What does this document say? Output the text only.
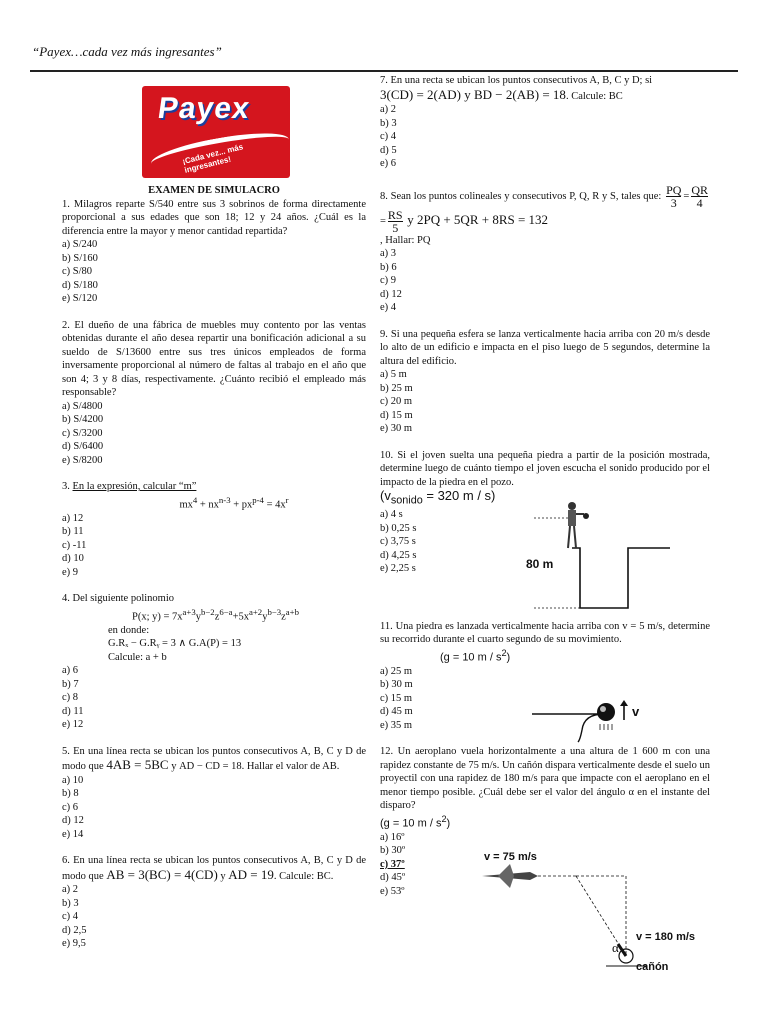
“Payex…cada vez más ingresantes”
Payex
¡Cada vez... más ingresantes!
EXAMEN DE SIMULACRO

1. Milagros reparte S/540 entre sus 3 sobrinos de forma directamente proporcional a sus edades que son 18; 12 y 24 años. ¿Cuál es la diferencia entre la mayor y menor cantidad repartida?

a) S/240
b) S/160
c) S/80
d) S/180
e) S/120

2. El dueño de una fábrica de muebles muy contento por las ventas obtenidas durante el año desea repartir una bonificación adicional a su sueldo de S/13600 entre sus tres únicos empleados de forma inversamente proporcional al número de faltas al trabajo en el año que son 4; 3 y 8 días, respectivamente. ¿Cuánto recibió el empleado más responsable?

a) S/4800
b) S/4200
c) S/3200
d) S/6400
e) S/8200

3. En la expresión, calcular “m”

$mx^4 + nx^{n-3} + px^{p-4} = 4x^r$
a) 12
b) 11
c) -11
d) 10
e) 9

4. Del siguiente polinomio

P(x; $y) = 7x^{a+3}y^{b-2}z^{6-a}+5x^{a+2}y^{b-3}z^{a+b}$
en donde:
G.Rₓ − G.Rᵧ = 3 ∧ G.A(P) = 13
Calcule: a + b
a) 6
b) 7
c) 8
d) 11
e) 12

5. En una línea recta se ubican los puntos consecutivos A, B, C y D de modo que 4AB = 5BC y AD − CD = 18. Hallar el valor de AB.

a) 10
b) 8
c) 6
d) 12
e) 14

6. En una línea recta se ubican los puntos consecutivos A, B, C y D de modo que AB = 3(BC) = 4(CD) y AD = 19. Calcule: BC.

a) 2
b) 3
c) 4
d) 2,5
e) 9,5

7. En una recta se ubican los puntos consecutivos A, B, C y D; si
3(CD) = 2(AD) y BD − 2(AB) = 18. Calcule: BC

a) 2
b) 3
c) 4
d) 5
e) 6

8. Sean los puntos colineales y consecutivos P, Q, R y S, tales que: $\frac{PQ}{3} = \frac{QR}{4}$
= $\frac{RS}{5}$ y 2PQ + 5QR + 8RS = 132
, Hallar: PQ

a) 3
b) 6
c) 9
d) 12
e) 4

9. Si una pequeña esfera se lanza verticalmente hacia arriba con 20 m/s desde lo alto de un edificio e impacta en el piso luego de 5 segundos, determine la altura del edificio.

a) 5 m
b) 25 m
c) 20 m
d) 15 m
e) 30 m

10. Si el joven suelta una pequeña piedra a partir de la posición mostrada, determine luego de cuánto tiempo el joven escucha el sonido producido por el impacto de la piedra en el pozo.

($v_{sonido} = 320$ m / s)
a) 4 s
b) 0,25 s
c) 3,75 s
d) 4,25 s
e) 2,25 s

11. Una piedra es lanzada verticalmente hacia arriba con v = 5 m/s, determine su recorrido durante el cuarto segundo de su movimiento.

(g = 10 m / $s^2$)
a) 25 m
b) 30 m
c) 15 m
d) 45 m
e) 35 m

12. Un aeroplano vuela horizontalmente a una altura de 1 600 m con una rapidez constante de 75 m/s. Un cañón dispara verticalmente desde el suelo un proyectil con una rapidez de 180 m/s para que impacte con el aeroplano en el menor tiempo posible. ¿Cuál debe ser el valor del ángulo α en el instante del disparo?

(g = 10 m / $s^2$)
a) 16º
b) 30º
c) 37º
d) 45º
e) 53º
80 m
v
v = 75 m/s
v = 180 m/s
α
cañón
